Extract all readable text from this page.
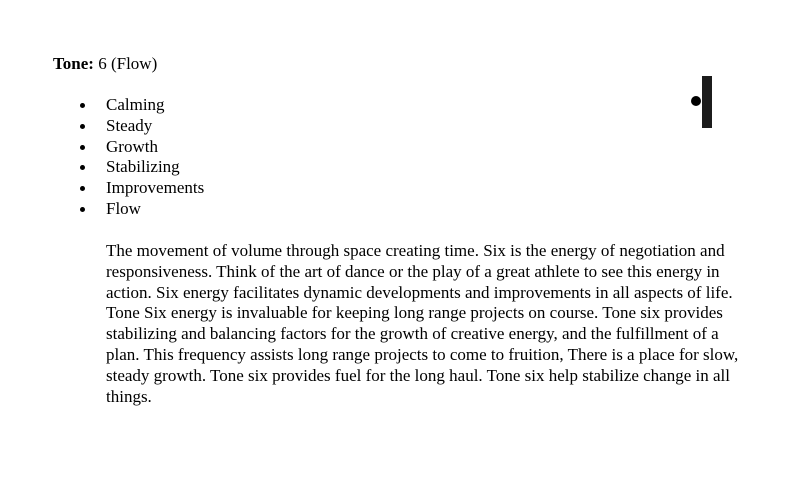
Tone: 6 (Flow)

Calming
Steady
Growth
Stabilizing
Improvements
Flow

The movement of volume through space creating time. Six is the energy of negotiation and responsiveness. Think of the art of dance or the play of a great athlete to see this energy in action. Six energy facilitates dynamic developments and improvements in all aspects of life. Tone Six energy is invaluable for keeping long range projects on course. Tone six provides stabilizing and balancing factors for the growth of creative energy, and the fulfillment of a plan. This frequency assists long range projects to come to fruition, There is a place for slow, steady growth. Tone six provides fuel for the long haul. Tone six help stabilize change in all things.
